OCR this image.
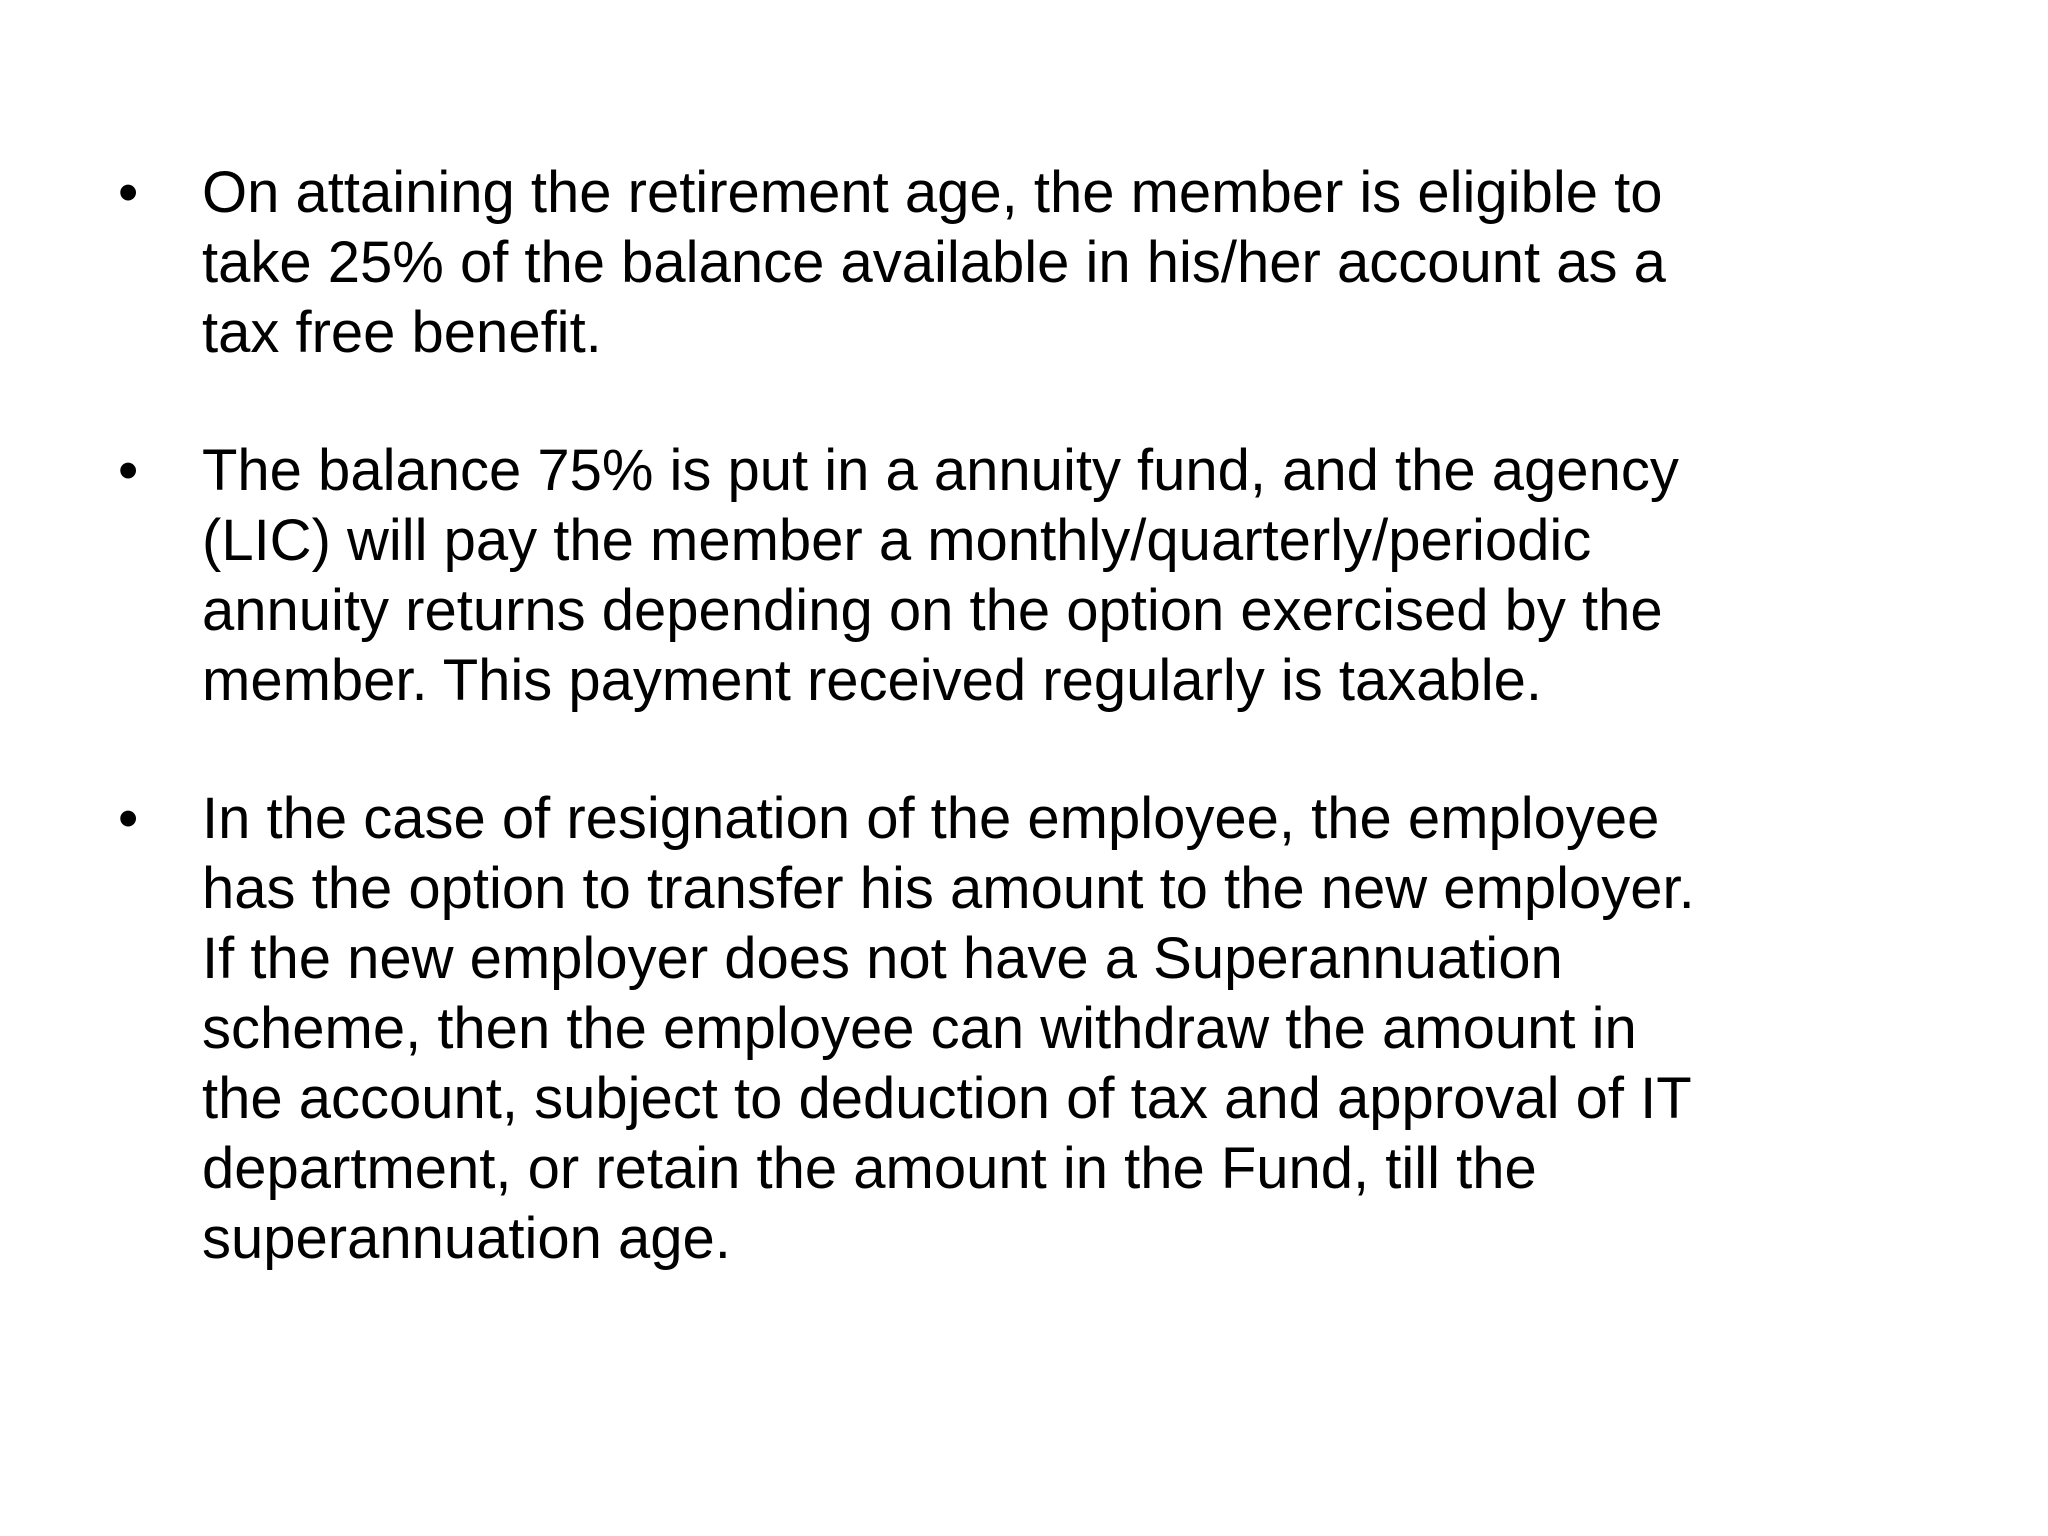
•	On attaining the retirement age, the member is eligible to
take 25% of the balance available in his/her account as a
tax free benefit.
•	The balance 75% is put in a annuity fund, and the agency
(LIC) will pay the member a monthly/quarterly/periodic
annuity returns depending on the option exercised by the
member. This payment received regularly is taxable.
•	In the case of resignation of the employee, the employee
has the option to transfer his amount to the new employer.
If the new employer does not have a Superannuation
scheme, then the employee can withdraw the amount in
the account, subject to deduction of tax and approval of IT
department, or retain the amount in the Fund, till the
superannuation age.
